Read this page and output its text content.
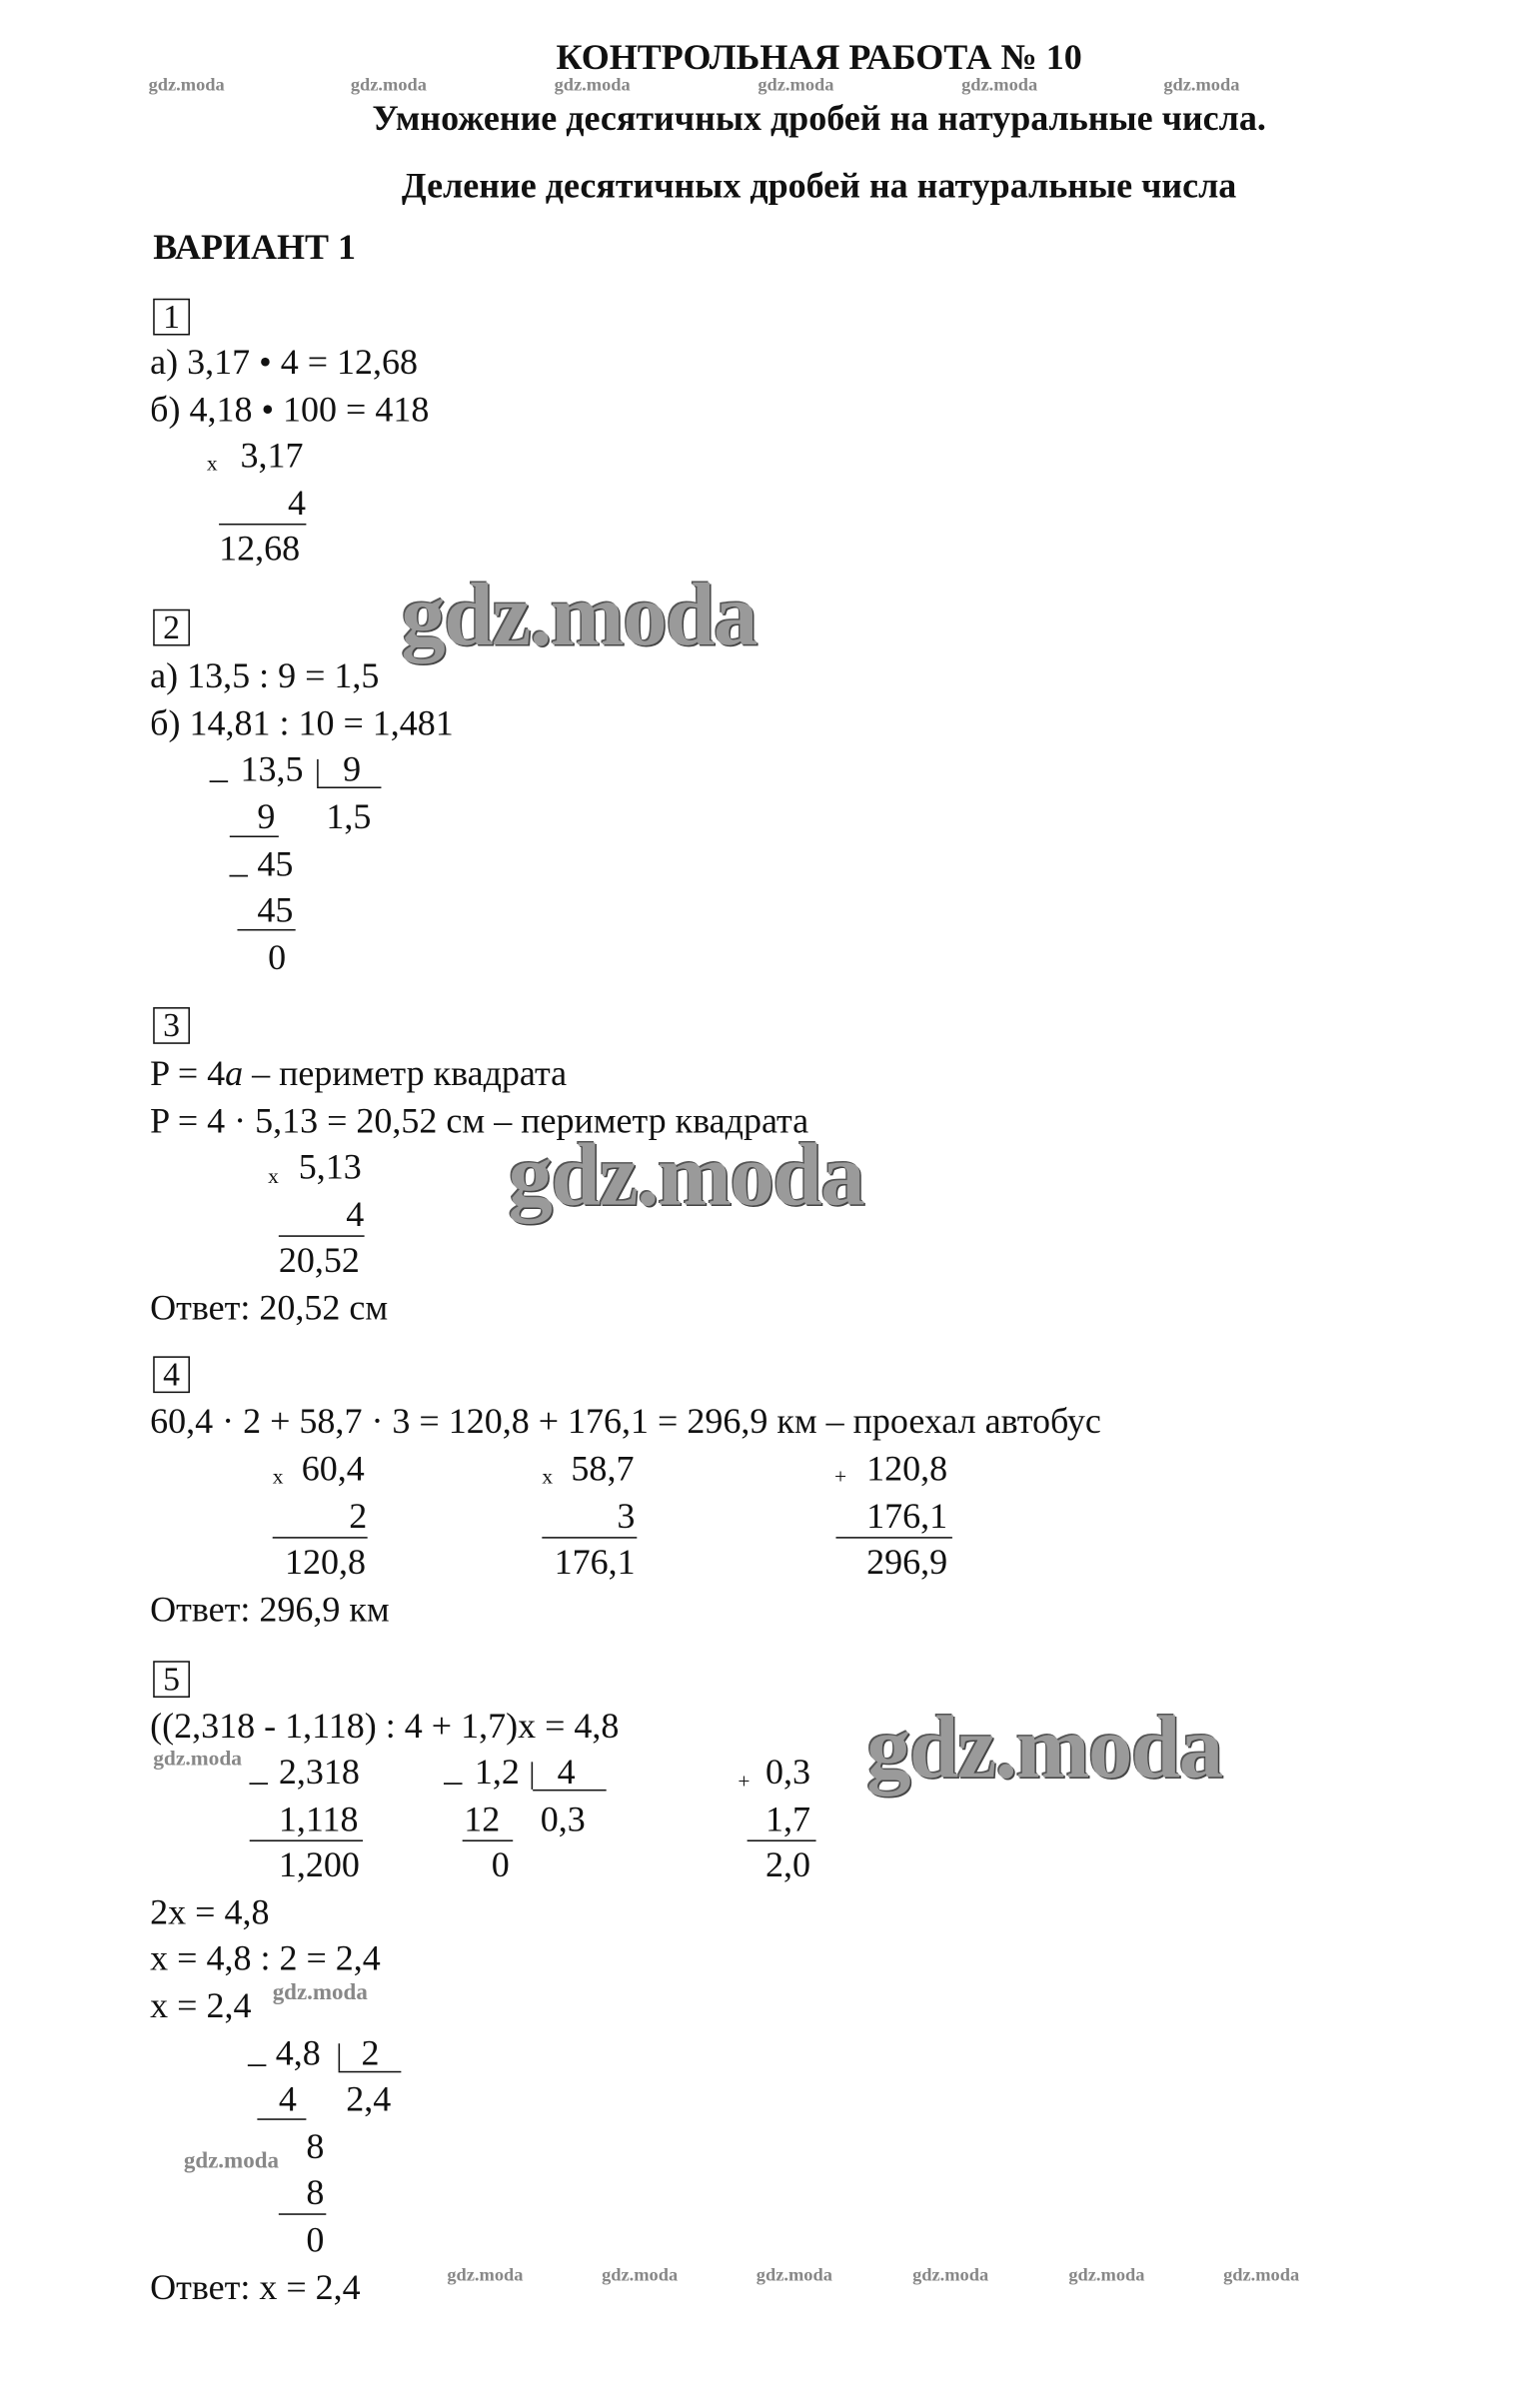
КОНТРОЛЬНАЯ РАБОТА № 10
Умножение десятичных дробей на натуральные числа.
Деление десятичных дробей на натуральные числа
ВАРИАНТ 1
gdz.moda	gdz.moda	gdz.moda	gdz.moda	gdz.moda	gdz.moda
1
а) 3,17 • 4 = 12,68
б) 4,18 • 100 = 418
x 3,17
4
12,68
gdz.moda
2
а) 13,5 : 9 = 1,5
б) 14,81 : 10 = 1,481
_ 13,5 9
9 1,5
_ 45
45
0
3
P = 4a – периметр квадрата
P = 4 · 5,13 = 20,52 см – периметр квадрата
x 5,13
4
20,52
Ответ: 20,52 см
gdz.moda
4
60,4 · 2 + 58,7 · 3 = 120,8 + 176,1 = 296,9 км – проехал автобус
x 60,4
2
120,8
x 58,7
3
176,1
+ 120,8
176,1
296,9
Ответ: 296,9 км
5
((2,318 - 1,118) : 4 + 1,7)x = 4,8
gdz.moda _ 2,318
1,118
1,200
_ 1,2 4
12 0,3
0
+ 0,3
1,7
2,0
gdz.moda
2x = 4,8
x = 4,8 : 2 = 2,4
x = 2,4 gdz.moda
_ 4,8 2
4 2,4
gdz.moda 8
8
0
Ответ: x = 2,4	gdz.moda	gdz.moda	gdz.moda	gdz.moda	gdz.moda	gdz.moda
